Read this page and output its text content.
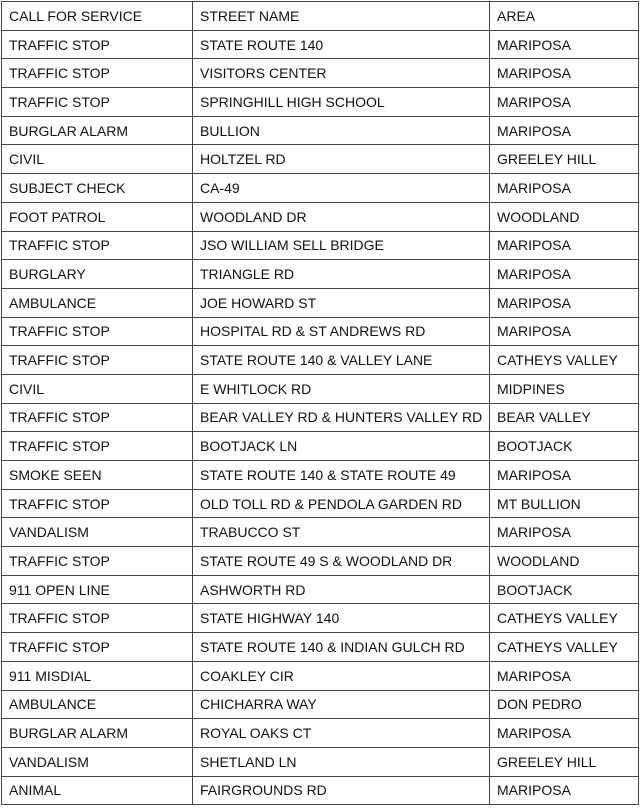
CALL FOR SERVICE	STREET NAME	AREA
TRAFFIC STOP	STATE ROUTE 140	MARIPOSA
TRAFFIC STOP	VISITORS CENTER	MARIPOSA
TRAFFIC STOP	SPRINGHILL HIGH SCHOOL	MARIPOSA
BURGLAR ALARM	BULLION	MARIPOSA
CIVIL	HOLTZEL RD	GREELEY HILL
SUBJECT CHECK	CA-49	MARIPOSA
FOOT PATROL	WOODLAND DR	WOODLAND
TRAFFIC STOP	JSO WILLIAM SELL BRIDGE	MARIPOSA
BURGLARY	TRIANGLE RD	MARIPOSA
AMBULANCE	JOE HOWARD ST	MARIPOSA
TRAFFIC STOP	HOSPITAL RD & ST ANDREWS RD	MARIPOSA
TRAFFIC STOP	STATE ROUTE 140 & VALLEY LANE	CATHEYS VALLEY
CIVIL	E WHITLOCK RD	MIDPINES
TRAFFIC STOP	BEAR VALLEY RD & HUNTERS VALLEY RD	BEAR VALLEY
TRAFFIC STOP	BOOTJACK LN	BOOTJACK
SMOKE SEEN	STATE ROUTE 140 & STATE ROUTE 49	MARIPOSA
TRAFFIC STOP	OLD TOLL RD & PENDOLA GARDEN RD	MT BULLION
VANDALISM	TRABUCCO ST	MARIPOSA
TRAFFIC STOP	STATE ROUTE 49 S & WOODLAND DR	WOODLAND
911 OPEN LINE	ASHWORTH RD	BOOTJACK
TRAFFIC STOP	STATE HIGHWAY 140	CATHEYS VALLEY
TRAFFIC STOP	STATE ROUTE 140 & INDIAN GULCH RD	CATHEYS VALLEY
911 MISDIAL	COAKLEY CIR	MARIPOSA
AMBULANCE	CHICHARRA WAY	DON PEDRO
BURGLAR ALARM	ROYAL OAKS CT	MARIPOSA
VANDALISM	SHETLAND LN	GREELEY HILL
ANIMAL	FAIRGROUNDS RD	MARIPOSA
